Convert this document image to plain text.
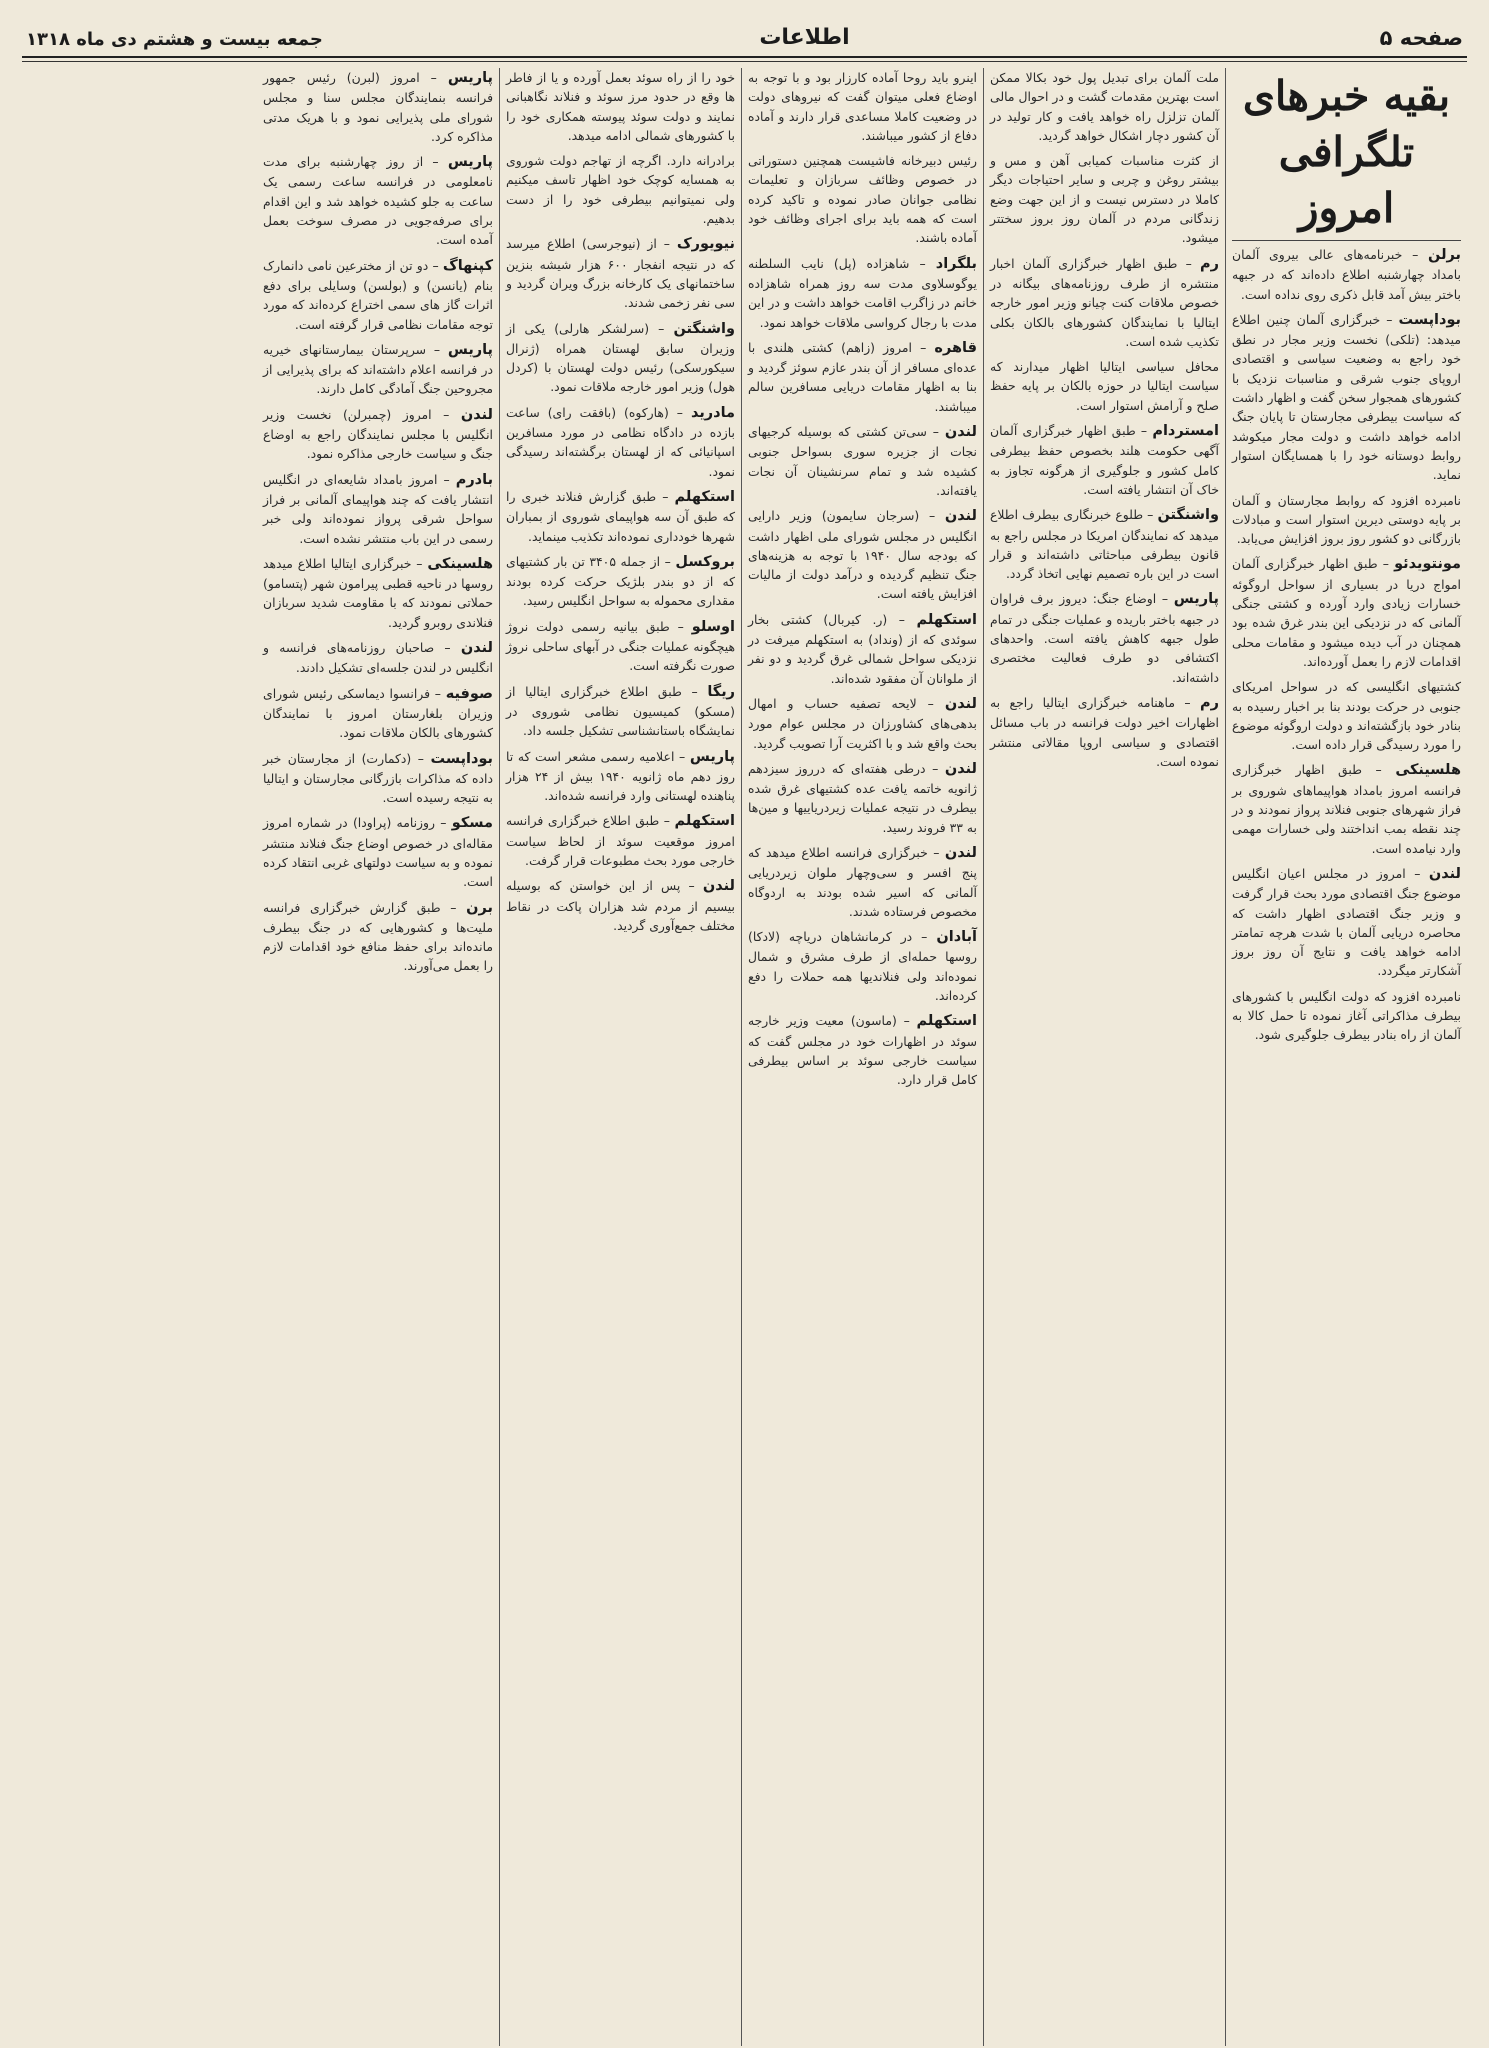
صفحه ۵
اطلاعات
جمعه بیست و هشتم دی ماه ۱۳۱۸
بقیه خبرهای تلگرافی امروز

برلن – خبرنامه‌های عالی بیروی آلمان بامداد چهارشنبه اطلاع داده‌اند که در جبهه باختر بیش آمد قابل ذکری روی نداده است.

بوداپست – خبرگزاری آلمان چنین اطلاع میدهد: (تلکی) نخست وزیر مجار در نطق خود راجع به وضعیت سیاسی و اقتصادی اروپای جنوب شرقی و مناسبات نزدیک با کشورهای همجوار سخن گفت و اظهار داشت که سیاست بیطرفی مجارستان تا پایان جنگ ادامه خواهد داشت و دولت مجار میکوشد روابط دوستانه خود را با همسایگان استوار نماید.

نامبرده افزود که روابط مجارستان و آلمان بر پایه دوستی دیرین استوار است و مبادلات بازرگانی دو کشور روز بروز افزایش می‌یابد.

مونتویدئو – طبق اظهار خبرگزاری آلمان امواج دریا در بسیاری از سواحل اروگوئه خسارات زیادی وارد آورده و کشتی جنگی آلمانی که در نزدیکی این بندر غرق شده بود همچنان در آب دیده میشود و مقامات محلی اقدامات لازم را بعمل آورده‌اند.

کشتیهای انگلیسی که در سواحل امریکای جنوبی در حرکت بودند بنا بر اخبار رسیده به بنادر خود بازگشته‌اند و دولت اروگوئه موضوع را مورد رسیدگی قرار داده است.

هلسینکی – طبق اظهار خبرگزاری فرانسه امروز بامداد هواپیماهای شوروی بر فراز شهرهای جنوبی فنلاند پرواز نمودند و در چند نقطه بمب انداختند ولی خسارات مهمی وارد نیامده است.

لندن – امروز در مجلس اعیان انگلیس موضوع جنگ اقتصادی مورد بحث قرار گرفت و وزیر جنگ اقتصادی اظهار داشت که محاصره دریایی آلمان با شدت هرچه تمامتر ادامه خواهد یافت و نتایج آن روز بروز آشکارتر میگردد.

نامبرده افزود که دولت انگلیس با کشورهای بیطرف مذاکراتی آغاز نموده تا حمل کالا به آلمان از راه بنادر بیطرف جلوگیری شود.

ملت آلمان برای تبدیل پول خود بکالا ممکن است بهترین مقدمات گشت و در احوال مالی آلمان تزلزل راه خواهد یافت و کار تولید در آن کشور دچار اشکال خواهد گردید.

از کثرت مناسبات کمیابی آهن و مس و بیشتر روغن و چربی و سایر احتیاجات دیگر کاملا در دسترس نیست و از این جهت وضع زندگانی مردم در آلمان روز بروز سختتر میشود.

رم – طبق اظهار خبرگزاری آلمان اخبار منتشره از طرف روزنامه‌های بیگانه در خصوص ملاقات کنت چیانو وزیر امور خارجه ایتالیا با نمایندگان کشورهای بالکان بکلی تکذیب شده است.

محافل سیاسی ایتالیا اظهار میدارند که سیاست ایتالیا در حوزه بالکان بر پایه حفظ صلح و آرامش استوار است.

امستردام – طبق اظهار خبرگزاری آلمان آگهی حکومت هلند بخصوص حفظ بیطرفی کامل کشور و جلوگیری از هرگونه تجاوز به خاک آن انتشار یافته است.

واشنگتن – طلوع خبرنگاری بیطرف اطلاع میدهد که نمایندگان امریکا در مجلس راجع به قانون بیطرفی مباحثاتی داشته‌اند و قرار است در این باره تصمیم نهایی اتخاذ گردد.

پاریس – اوضاع جنگ: دیروز برف فراوان در جبهه باختر باریده و عملیات جنگی در تمام طول جبهه کاهش یافته است. واحدهای اکتشافی دو طرف فعالیت مختصری داشته‌اند.

رم – ماهنامه خبرگزاری ایتالیا راجع به اظهارات اخیر دولت فرانسه در باب مسائل اقتصادی و سیاسی اروپا مقالاتی منتشر نموده است.

اینرو باید روحا آماده کارزار بود و با توجه به اوضاع فعلی میتوان گفت که نیروهای دولت در وضعیت کاملا مساعدی قرار دارند و آماده دفاع از کشور میباشند.

رئیس دبیرخانه فاشیست همچنین دستوراتی در خصوص وظائف سربازان و تعلیمات نظامی جوانان صادر نموده و تاکید کرده است که همه باید برای اجرای وظائف خود آماده باشند.

بلگراد – شاهزاده (پل) نایب السلطنه یوگوسلاوی مدت سه روز همراه شاهزاده خانم در زاگرب اقامت خواهد داشت و در این مدت با رجال کرواسی ملاقات خواهد نمود.

قاهره – امروز (زاهم) کشتی هلندی با عده‌ای مسافر از آن بندر عازم سوئز گردید و بنا به اظهار مقامات دریایی مسافرین سالم میباشند.

لندن – سی‌تن کشتی که بوسیله کرجیهای نجات از جزیره سوری بسواحل جنوبی کشیده شد و تمام سرنشینان آن نجات یافته‌اند.

لندن – (سرجان سایمون) وزیر دارایی انگلیس در مجلس شورای ملی اظهار داشت که بودجه سال ۱۹۴۰ با توجه به هزینه‌های جنگ تنظیم گردیده و درآمد دولت از مالیات افزایش یافته است.

استکهلم – (ر. کیربال) کشتی بخار سوئدی که از (ونداد) به استکهلم میرفت در نزدیکی سواحل شمالی غرق گردید و دو نفر از ملوانان آن مفقود شده‌اند.

لندن – لایحه تصفیه حساب و امهال بدهی‌های کشاورزان در مجلس عوام مورد بحث واقع شد و با اکثریت آرا تصویب گردید.

لندن – درطی هفته‌ای که درروز سیزدهم ژانویه خاتمه یافت عده کشتیهای غرق شده بیطرف در نتیجه عملیات زیردریاییها و مین‌ها به ۳۳ فروند رسید.

لندن – خبرگزاری فرانسه اطلاع میدهد که پنج افسر و سی‌وچهار ملوان زیردریایی آلمانی که اسیر شده بودند به اردوگاه مخصوص فرستاده شدند.

آبادان – در کرمانشاهان دریاچه (لادکا) روسها حمله‌ای از طرف مشرق و شمال نموده‌اند ولی فنلاندیها همه حملات را دفع کرده‌اند.

استکهلم – (ماسون) معیت وزیر خارجه سوئد در اظهارات خود در مجلس گفت که سیاست خارجی سوئد بر اساس بیطرفی کامل قرار دارد.

خود را از راه سوئد بعمل آورده و یا از فاطر ها وقع در حدود مرز سوئد و فنلاند نگاهبانی نمایند و دولت سوئد پیوسته همکاری خود را با کشورهای شمالی ادامه میدهد.

برادرانه دارد. اگرچه از تهاجم دولت شوروی به همسایه کوچک خود اظهار تاسف میکنیم ولی نمیتوانیم بیطرفی خود را از دست بدهیم.

نیویورک – از (نیوجرسی) اطلاع میرسد که در نتیجه انفجار ۶۰۰ هزار شیشه بنزین ساختمانهای یک کارخانه بزرگ ویران گردید و سی نفر زخمی شدند.

واشنگتن – (سرلشکر هارلی) یکی از وزیران سابق لهستان همراه (ژنرال سیکورسکی) رئیس دولت لهستان با (کردل هول) وزیر امور خارجه ملاقات نمود.

مادرید – (هارکوه) (بافقت رای) ساعت بازده در دادگاه نظامی در مورد مسافرین اسپانیائی که از لهستان برگشته‌اند رسیدگی نمود.

استکهلم – طبق گزارش فنلاند خبری را که طبق آن سه هواپیمای شوروی از بمباران شهرها خودداری نموده‌اند تکذیب مینماید.

بروکسل – از جمله ۳۴۰۵ تن بار کشتیهای که از دو بندر بلژیک حرکت کرده بودند مقداری محموله به سواحل انگلیس رسید.

اوسلو – طبق بیانیه رسمی دولت نروژ هیچگونه عملیات جنگی در آبهای ساحلی نروژ صورت نگرفته است.

ریگا – طبق اطلاع خبرگزاری ایتالیا از (مسکو) کمیسیون نظامی شوروی در نمایشگاه باستانشناسی تشکیل جلسه داد.

پاریس – اعلامیه رسمی مشعر است که تا روز دهم ماه ژانویه ۱۹۴۰ بیش از ۲۴ هزار پناهنده لهستانی وارد فرانسه شده‌اند.

استکهلم – طبق اطلاع خبرگزاری فرانسه امروز موقعیت سوئد از لحاظ سیاست خارجی مورد بحث مطبوعات قرار گرفت.

لندن – پس از این خواستن که بوسیله بیسیم از مردم شد هزاران پاکت در نقاط مختلف جمع‌آوری گردید.

پاریس – امروز (لبرن) رئیس جمهور فرانسه بنمایندگان مجلس سنا و مجلس شورای ملی پذیرایی نمود و با هریک مدتی مذاکره کرد.

پاریس – از روز چهارشنبه برای مدت نامعلومی در فرانسه ساعت رسمی یک ساعت به جلو کشیده خواهد شد و این اقدام برای صرفه‌جویی در مصرف سوخت بعمل آمده است.

کپنهاگ – دو تن از مخترعین نامی دانمارک بنام (یانسن) و (بولسن) وسایلی برای دفع اثرات گاز های سمی اختراع کرده‌اند که مورد توجه مقامات نظامی قرار گرفته است.

پاریس – سرپرستان بیمارستانهای خیریه در فرانسه اعلام داشته‌اند که برای پذیرایی از مجروحین جنگ آمادگی کامل دارند.

لندن – امروز (چمبرلن) نخست وزیر انگلیس با مجلس نمایندگان راجع به اوضاع جنگ و سیاست خارجی مذاکره نمود.

بادرم – امروز بامداد شایعه‌ای در انگلیس انتشار یافت که چند هواپیمای آلمانی بر فراز سواحل شرقی پرواز نموده‌اند ولی خبر رسمی در این باب منتشر نشده است.

هلسینکی – خبرگزاری ایتالیا اطلاع میدهد روسها در ناحیه قطبی پیرامون شهر (پتسامو) حملاتی نمودند که با مقاومت شدید سربازان فنلاندی روبرو گردید.

لندن – صاحبان روزنامه‌های فرانسه و انگلیس در لندن جلسه‌ای تشکیل دادند.

صوفیه – فرانسوا دیماسکی رئیس شورای وزیران بلغارستان امروز با نمایندگان کشورهای بالکان ملاقات نمود.

بوداپست – (دکمارت) از مجارستان خبر داده که مذاکرات بازرگانی مجارستان و ایتالیا به نتیجه رسیده است.

مسکو – روزنامه (پراودا) در شماره امروز مقاله‌ای در خصوص اوضاع جنگ فنلاند منتشر نموده و به سیاست دولتهای غربی انتقاد کرده است.

برن – طبق گزارش خبرگزاری فرانسه ملیت‌ها و کشورهایی که در جنگ بیطرف مانده‌اند برای حفظ منافع خود اقدامات لازم را بعمل می‌آورند.
